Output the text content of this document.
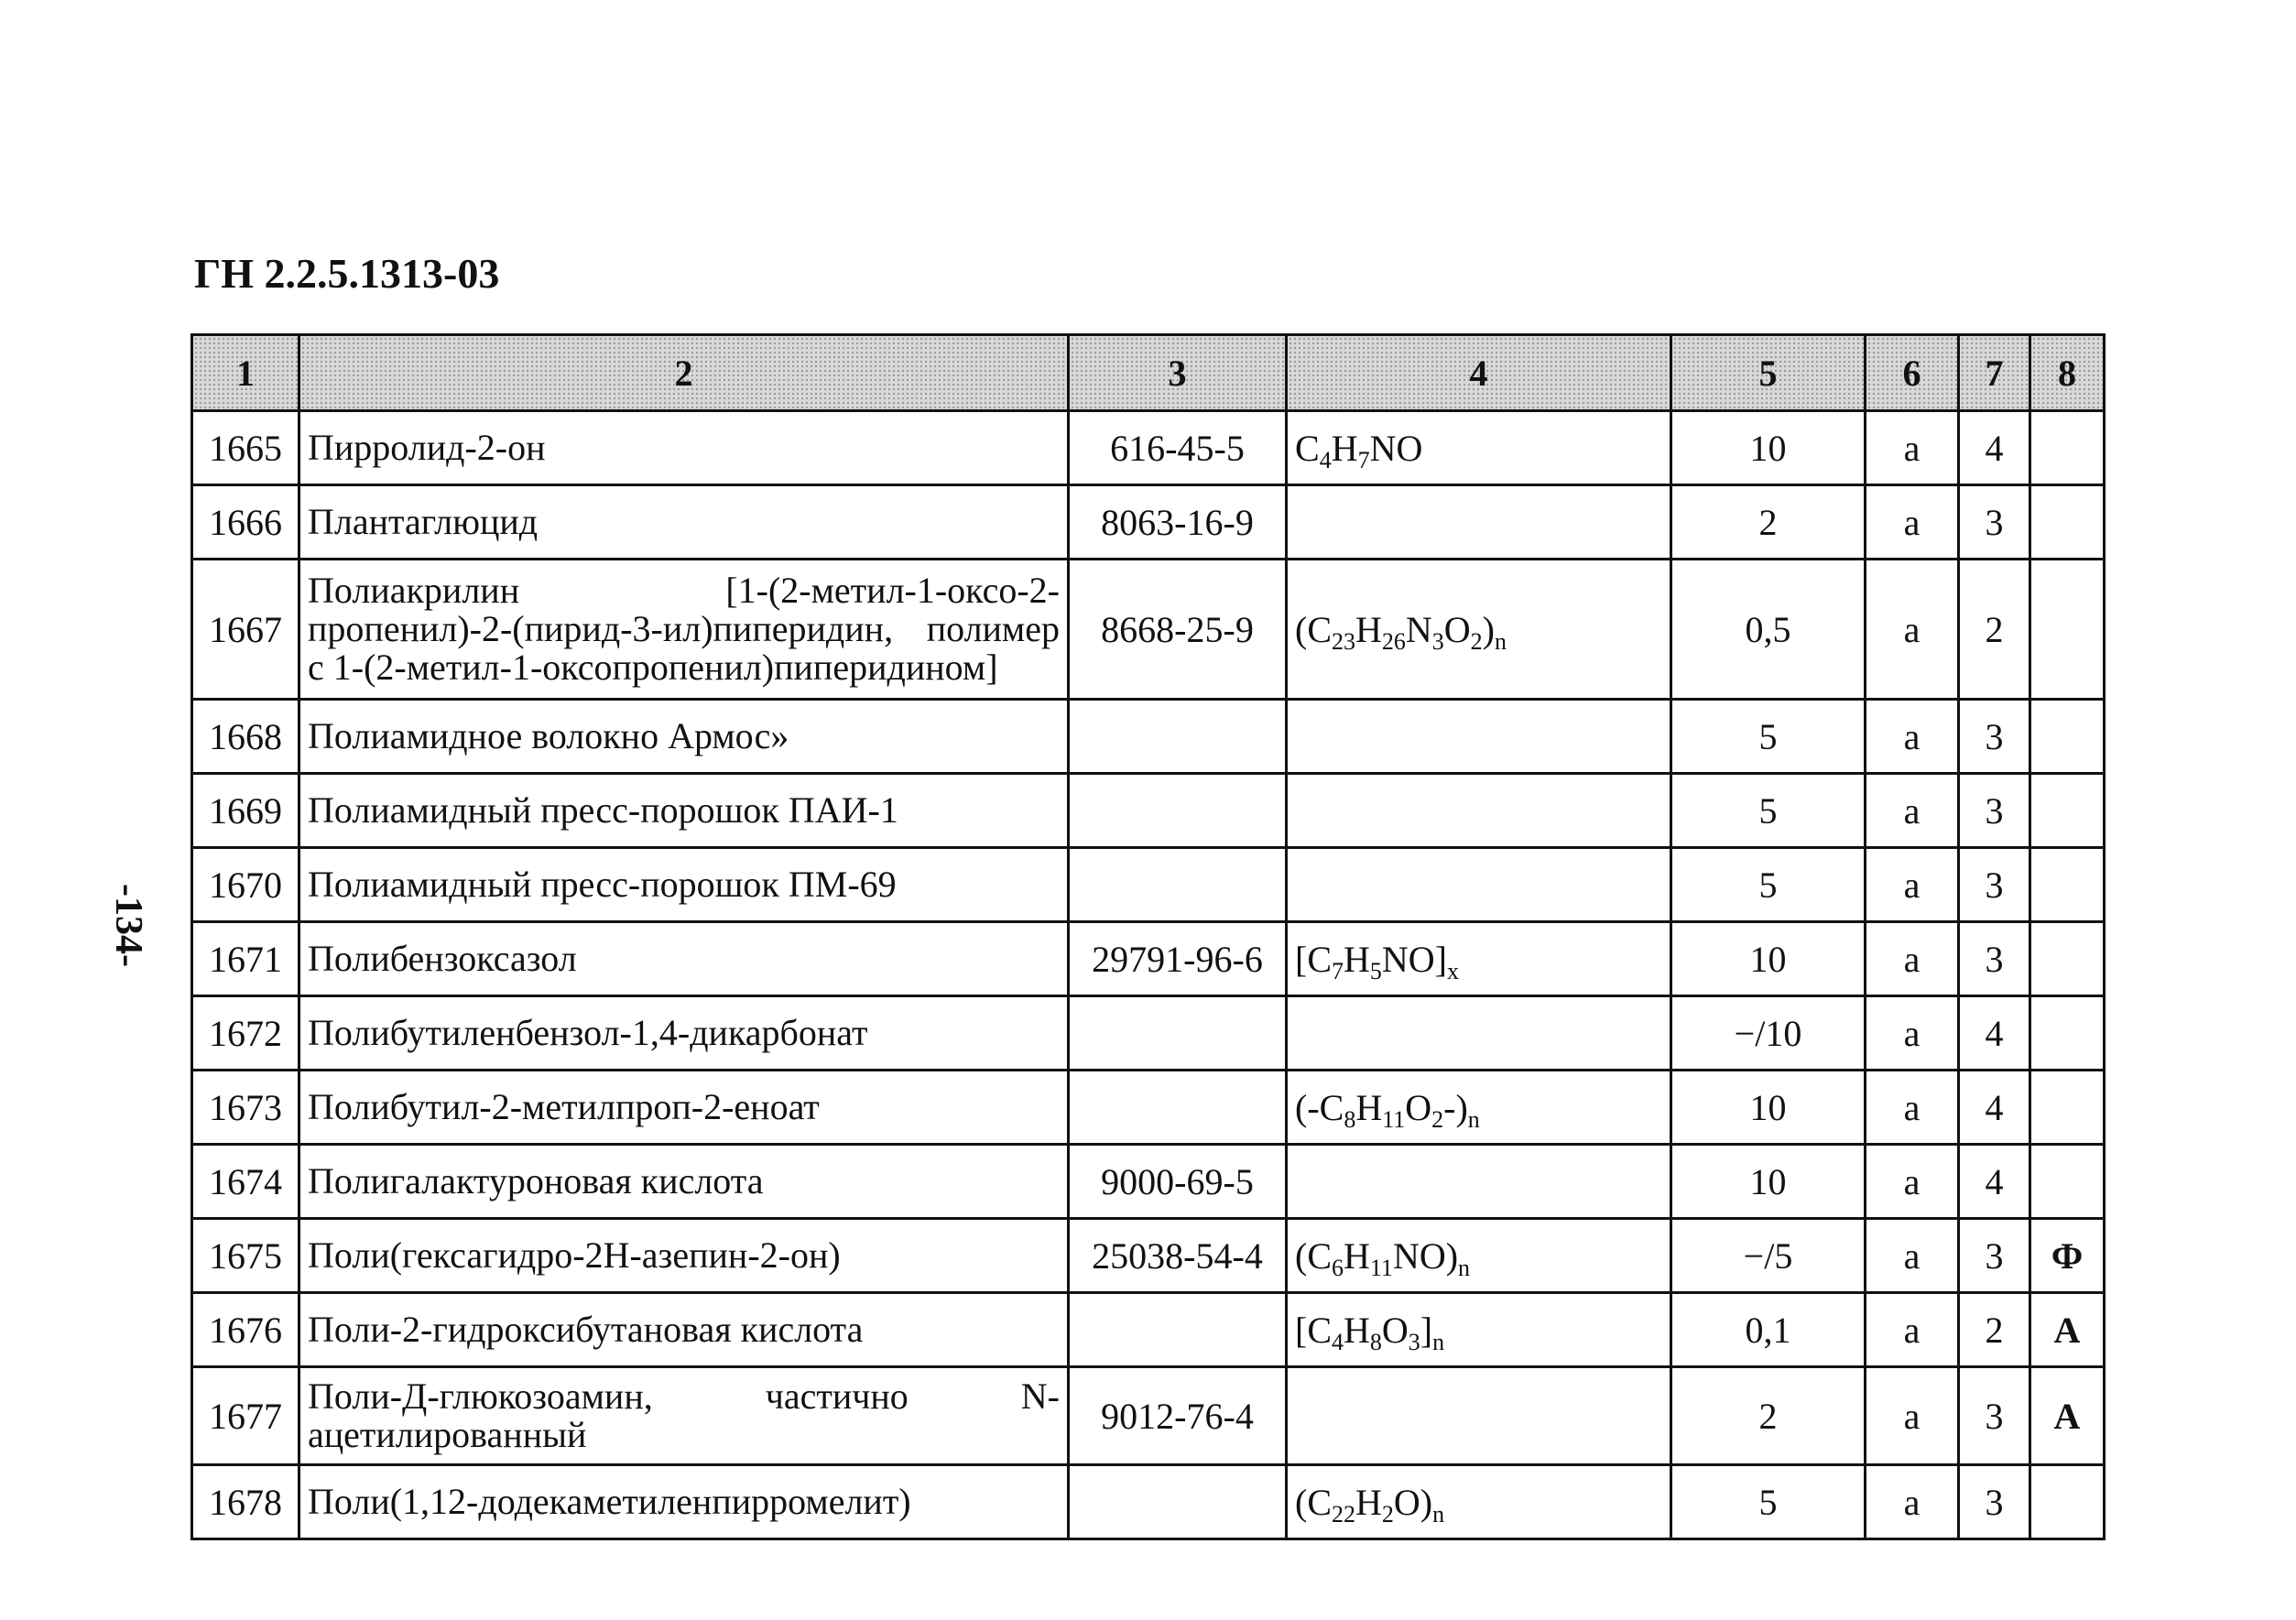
ГН 2.2.5.1313-03
-134-
1	2	3	4	5	6	7	8
1665	Пирролид-2-он	616-45-5	$C_4H_7NO$	10	а	4	
1666	Плантаглюцид	8063-16-9		2	а	3	
1667	Полиакрилин [1-(2-метил-1-оксо-2-пропенил)-2-(пирид-3-ил)пиперидин, полимер с 1-(2-метил-1-оксопропенил)пиперидином]	8668-25-9	$(C_{23}H_{26}N_3O_2)_n$	0,5	а	2	
1668	Полиамидное волокно Армос»			5	а	3	
1669	Полиамидный пресс-порошок ПАИ-1			5	а	3	
1670	Полиамидный пресс-порошок ПМ-69			5	а	3	
1671	Полибензоксазол	29791-96-6	$[C_7H_5NO]_x$	10	а	3	
1672	Полибутиленбензол-1,4-дикарбонат			−/10	а	4	
1673	Полибутил-2-метилпроп-2-еноат		$(-C_8H_{11}O_2-)_n$	10	а	4	
1674	Полигалактуроновая кислота	9000-69-5		10	а	4	
1675	Поли(гексагидро-2Н-азепин-2-он)	25038-54-4	$(C_6H_{11}NO)_n$	−/5	а	3	Ф
1676	Поли-2-гидроксибутановая кислота		$[C_4H_8O_3]_n$	0,1	а	2	А
1677	Поли-Д-глюкозоамин, частично N-ацетилированный	9012-76-4		2	а	3	А
1678	Поли(1,12-додекаметиленпирромелит)		$(C_{22}H_2O)_n$	5	а	3	
